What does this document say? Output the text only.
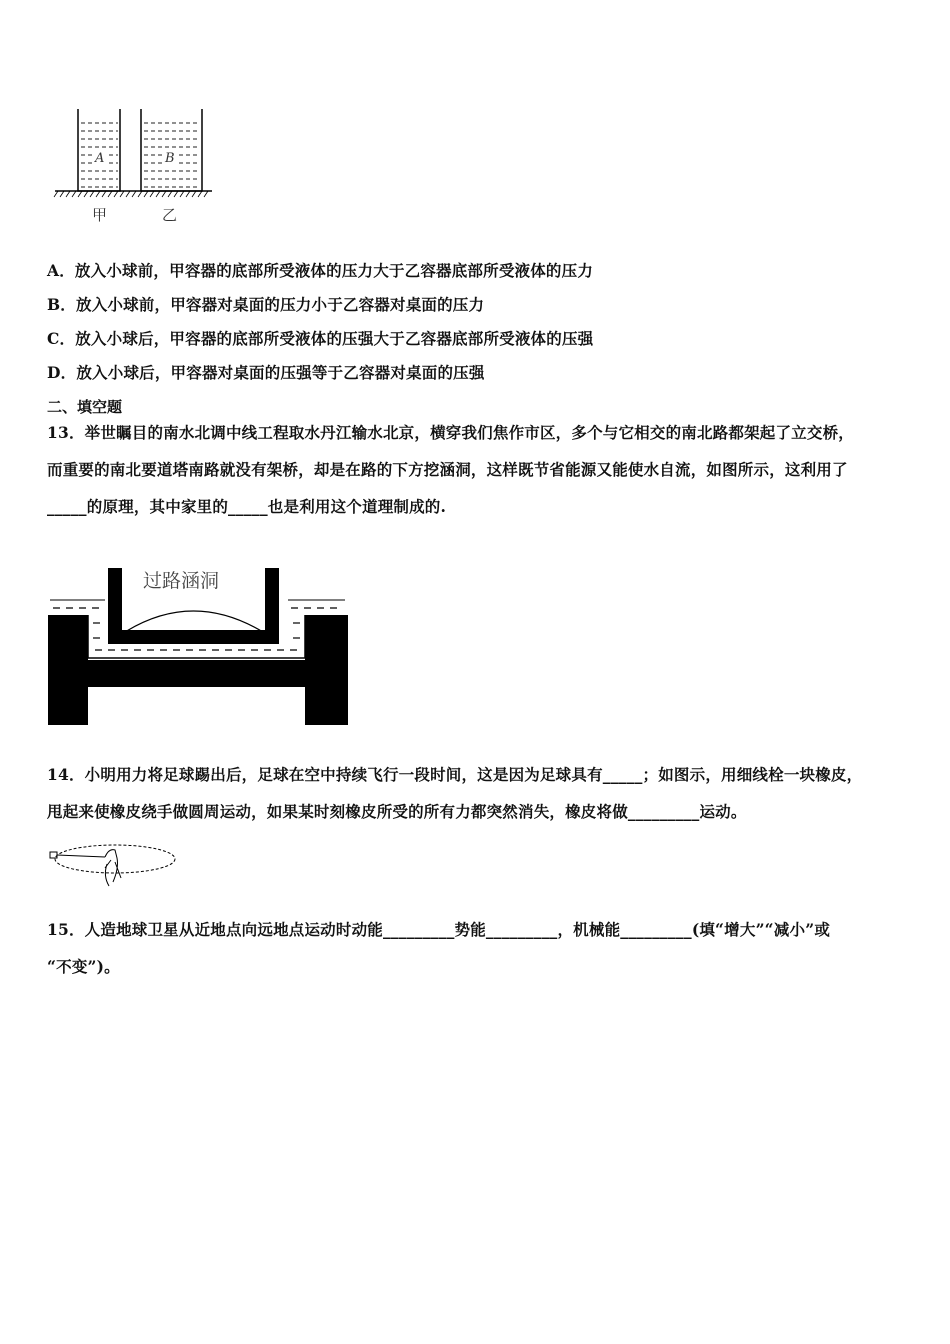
A	B
甲	乙
A．放入小球前，甲容器的底部所受液体的压力大于乙容器底部所受液体的压力
B．放入小球前，甲容器对桌面的压力小于乙容器对桌面的压力
C．放入小球后，甲容器的底部所受液体的压强大于乙容器底部所受液体的压强
D．放入小球后，甲容器对桌面的压强等于乙容器对桌面的压强
二、填空题
13．举世瞩目的南水北调中线工程取水丹江输水北京，横穿我们焦作市区，多个与它相交的南北路都架起了立交桥，
而重要的南北要道塔南路就没有架桥，却是在路的下方挖涵洞，这样既节省能源又能使水自流，如图所示，这利用了
_____的原理，其中家里的_____也是利用这个道理制成的.
过路涵洞
14．小明用力将足球踢出后，足球在空中持续飞行一段时间，这是因为足球具有_____；如图示，用细线栓一块橡皮，
甩起来使橡皮绕手做圆周运动，如果某时刻橡皮所受的所有力都突然消失，橡皮将做_________运动。
15．人造地球卫星从近地点向远地点运动时动能_________势能_________，机械能_________(填“增大”“减小”或
“不变”)。
